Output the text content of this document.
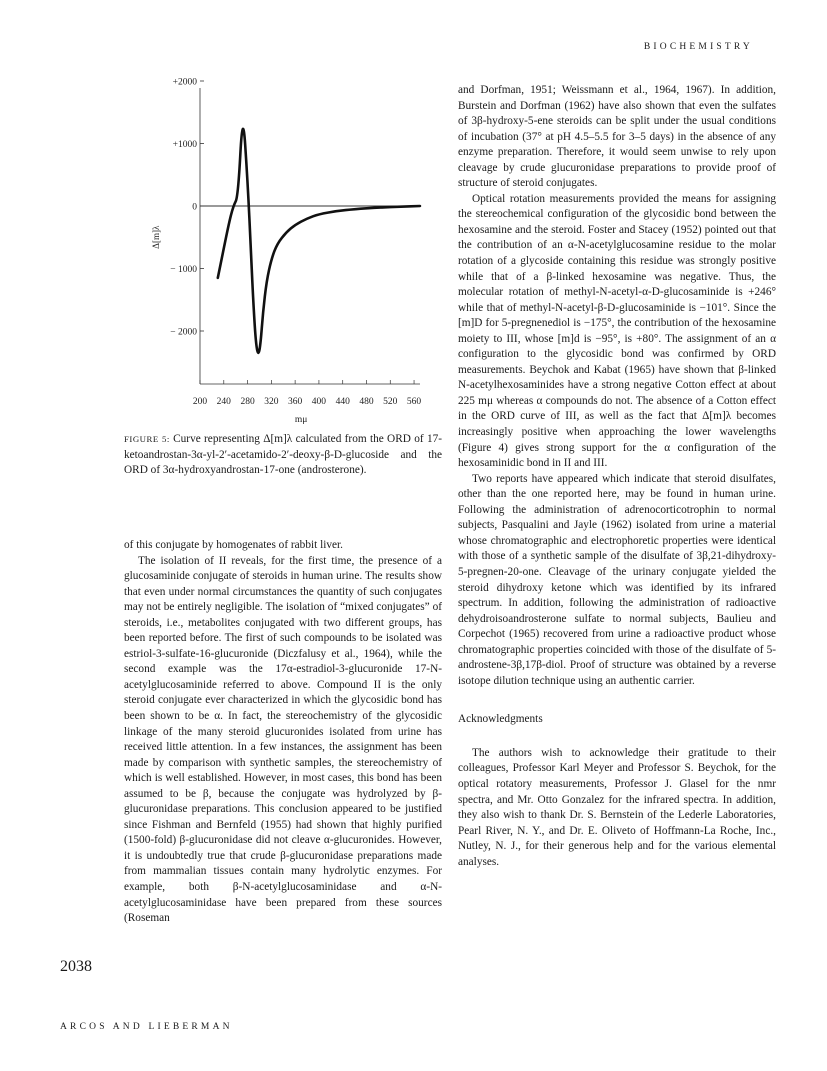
BIOCHEMISTRY
+2000
+1000
0
− 1000
− 2000
Δ[m]λ
200 240 280 320 360 400 440 480 520 560
mμ
FIGURE 5: Curve representing Δ[m]λ calculated from the ORD of 17-ketoandrostan-3α-yl-2′-acetamido-2′-deoxy-β-D-glucoside and the ORD of 3α-hydroxyandrostan-17-one (androsterone).

of this conjugate by homogenates of rabbit liver.

The isolation of II reveals, for the first time, the presence of a glucosaminide conjugate of steroids in human urine. The results show that even under normal circumstances the quantity of such conjugates may not be entirely negligible. The isolation of “mixed conjugates” of steroids, i.e., metabolites conjugated with two different groups, has been reported before. The first of such compounds to be isolated was estriol-3-sulfate-16-glucuronide (Diczfalusy et al., 1964), while the second example was the 17α-estradiol-3-glucuronide 17-N-acetylglucosaminide referred to above. Compound II is the only steroid conjugate ever characterized in which the glycosidic bond has been shown to be α. In fact, the stereochemistry of the glycosidic linkage of the many steroid glucuronides isolated from urine has received little attention. In a few instances, the assignment has been made by comparison with synthetic samples, the stereochemistry of which is well established. However, in most cases, this bond has been assumed to be β, because the conjugate was hydrolyzed by β-glucuronidase preparations. This conclusion appeared to be justified since Fishman and Bernfeld (1955) had shown that highly purified (1500-fold) β-glucuronidase did not cleave α-glucuronides. However, it is undoubtedly true that crude β-glucuronidase preparations made from mammalian tissues contain many hydrolytic enzymes. For example, both β-N-acetylglucosaminidase and α-N-acetylglucosaminidase have been prepared from these sources (Roseman

and Dorfman, 1951; Weissmann et al., 1964, 1967). In addition, Burstein and Dorfman (1962) have also shown that even the sulfates of 3β-hydroxy-5-ene steroids can be split under the usual conditions of incubation (37° at pH 4.5–5.5 for 3–5 days) in the absence of any enzyme preparation. Therefore, it would seem unwise to rely upon cleavage by crude glucuronidase preparations to provide proof of structure of steroid conjugates.

Optical rotation measurements provided the means for assigning the stereochemical configuration of the glycosidic bond between the hexosamine and the steroid. Foster and Stacey (1952) pointed out that the contribution of an α-N-acetylglucosamine residue to the molar rotation of a glycoside containing this residue was strongly positive while that of a β-linked hexosamine was negative. Thus, the molecular rotation of methyl-N-acetyl-α-D-glucosaminide is +246° while that of methyl-N-acetyl-β-D-glucosaminide is −101°. Since the [m]D for 5-pregnenediol is −175°, the contribution of the hexosamine moiety to III, whose [m]d is −95°, is +80°. The assignment of an α configuration to the glycosidic bond was confirmed by ORD measurements. Beychok and Kabat (1965) have shown that β-linked N-acetylhexosaminides have a strong negative Cotton effect at about 225 mμ whereas α compounds do not. The absence of a Cotton effect in the ORD curve of III, as well as the fact that Δ[m]λ becomes increasingly positive when approaching the lower wavelengths (Figure 4) gives strong support for the α configuration of the hexosaminidic bond in II and III.

Two reports have appeared which indicate that steroid disulfates, other than the one reported here, may be found in human urine. Following the administration of adrenocorticotrophin to normal subjects, Pasqualini and Jayle (1962) isolated from urine a material whose chromatographic and electrophoretic properties were identical with those of a synthetic sample of the disulfate of 3β,21-dihydroxy-5-pregnen-20-one. Cleavage of the urinary conjugate yielded the steroid dihydroxy ketone which was identified by its infrared spectrum. In addition, following the administration of radioactive dehydroisoandrosterone sulfate to normal subjects, Baulieu and Corpechot (1965) recovered from urine a radioactive product whose chromatographic properties coincided with those of the disulfate of 5-androstene-3β,17β-diol. Proof of structure was obtained by a reverse isotope dilution technique using an authentic carrier.

Acknowledgments

The authors wish to acknowledge their gratitude to their colleagues, Professor Karl Meyer and Professor S. Beychok, for the optical rotatory measurements, Professor J. Glasel for the nmr spectra, and Mr. Otto Gonzalez for the infrared spectra. In addition, they also wish to thank Dr. S. Bernstein of the Lederle Laboratories, Pearl River, N. Y., and Dr. E. Oliveto of Hoffmann-La Roche, Inc., Nutley, N. J., for their generous help and for the various elemental analyses.

2038
ARCOS AND LIEBERMAN
